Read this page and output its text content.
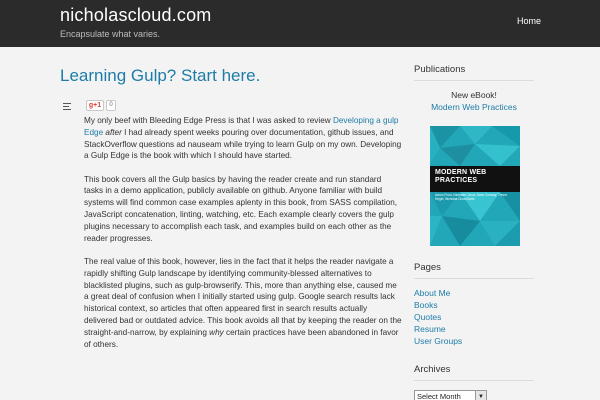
nicholascloud.com
Encapsulate what varies.
Home
Learning Gulp? Start here.
g+1	0

My only beef with Bleeding Edge Press is that I was asked to review Developing a gulp Edge after I had already spent weeks pouring over documentation, github issues, and StackOverflow questions ad nauseam while trying to learn Gulp on my own. Developing a Gulp Edge is the book with which I should have started.

This book covers all the Gulp basics by having the reader create and run standard tasks in a demo application, publicly available on github. Anyone familiar with build systems will find common case examples aplenty in this book, from SASS compilation, JavaScript concatenation, linting, watching, etc. Each example clearly covers the gulp plugins necessary to accomplish each task, and examples build on each other as the reader progresses.

The real value of this book, however, lies in the fact that it helps the reader navigate a rapidly shifting Gulp landscape by identifying community-blessed alternatives to blacklisted plugins, such as gulp-browserify. This, more than anything else, caused me a great deal of confusion when I initially started using gulp. Google search results lack historical context, so articles that often appeared first in search results actually delivered bad or outdated advice. This book avoids all that by keeping the reader on the straight-and-narrow, by explaining why certain practices have been abandoned in favor of others.

Publications
New eBook!
Modern Web Practices
MODERN WEB
PRACTICES
Aaron Frost, Nicholas Cloud, Dave Conway, Trevor Hegel, Nicholas Cloud Bolts
Pages
About Me
Books
Quotes
Resume
User Groups
Archives
Select Month	▼
